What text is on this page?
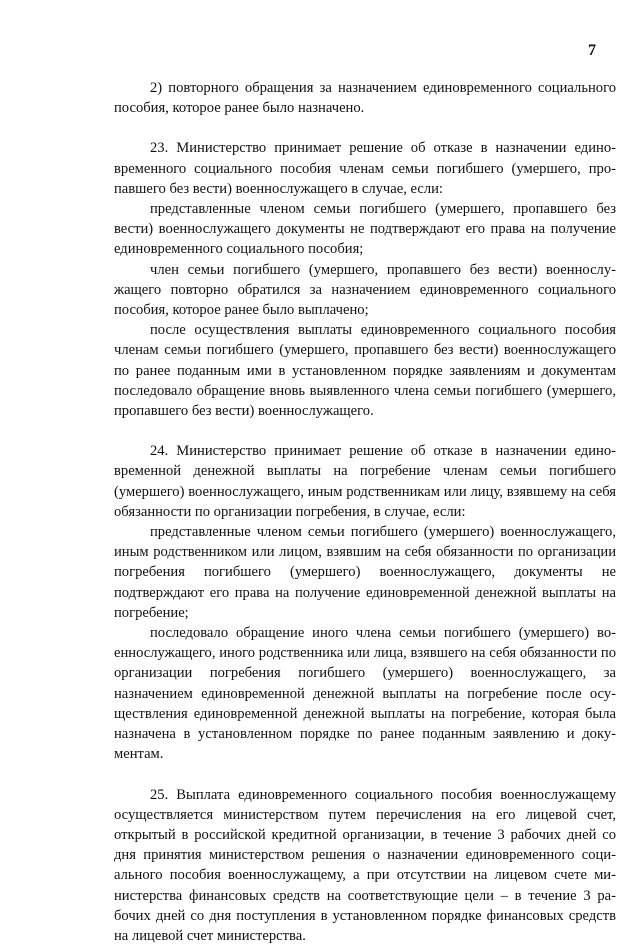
7

2) повторного обращения за назначением единовременного социального пособия, которое ранее было назначено.

23. Министерство принимает решение об отказе в назначении единовременного социального пособия членам семьи погибшего (умершего, пропавшего без вести) военнослужащего в случае, если:

представленные членом семьи погибшего (умершего, пропавшего без вести) военнослужащего документы не подтверждают его права на получение единовременного социального пособия;

член семьи погибшего (умершего, пропавшего без вести) военнослужащего повторно обратился за назначением единовременного социального пособия, которое ранее было выплачено;

после осуществления выплаты единовременного социального пособия членам семьи погибшего (умершего, пропавшего без вести) военнослужащего по ранее поданным ими в установленном порядке заявлениям и документам последовало обращение вновь выявленного члена семьи погибшего (умершего, пропавшего без вести) военнослужащего.

24. Министерство принимает решение об отказе в назначении единовременной денежной выплаты на погребение членам семьи погибшего (умершего) военнослужащего, иным родственникам или лицу, взявшему на себя обязанности по организации погребения, в случае, если:

представленные членом семьи погибшего (умершего) военнослужащего, иным родственником или лицом, взявшим на себя обязанности по организации погребения погибшего (умершего) военнослужащего, документы не подтверждают его права на получение единовременной денежной выплаты на погребение;

последовало обращение иного члена семьи погибшего (умершего) военнослужащего, иного родственника или лица, взявшего на себя обязанности по организации погребения погибшего (умершего) военнослужащего, за назначением единовременной денежной выплаты на погребение после осуществления единовременной денежной выплаты на погребение, которая была назначена в установленном порядке по ранее поданным заявлению и документам.

25. Выплата единовременного социального пособия военнослужащему осуществляется министерством путем перечисления на его лицевой счет, открытый в российской кредитной организации, в течение 3 рабочих дней со дня принятия министерством решения о назначении единовременного социального пособия военнослужащему, а при отсутствии на лицевом счете министерства финансовых средств на соответствующие цели – в течение 3 рабочих дней со дня поступления в установленном порядке финансовых средств на лицевой счет министерства.
